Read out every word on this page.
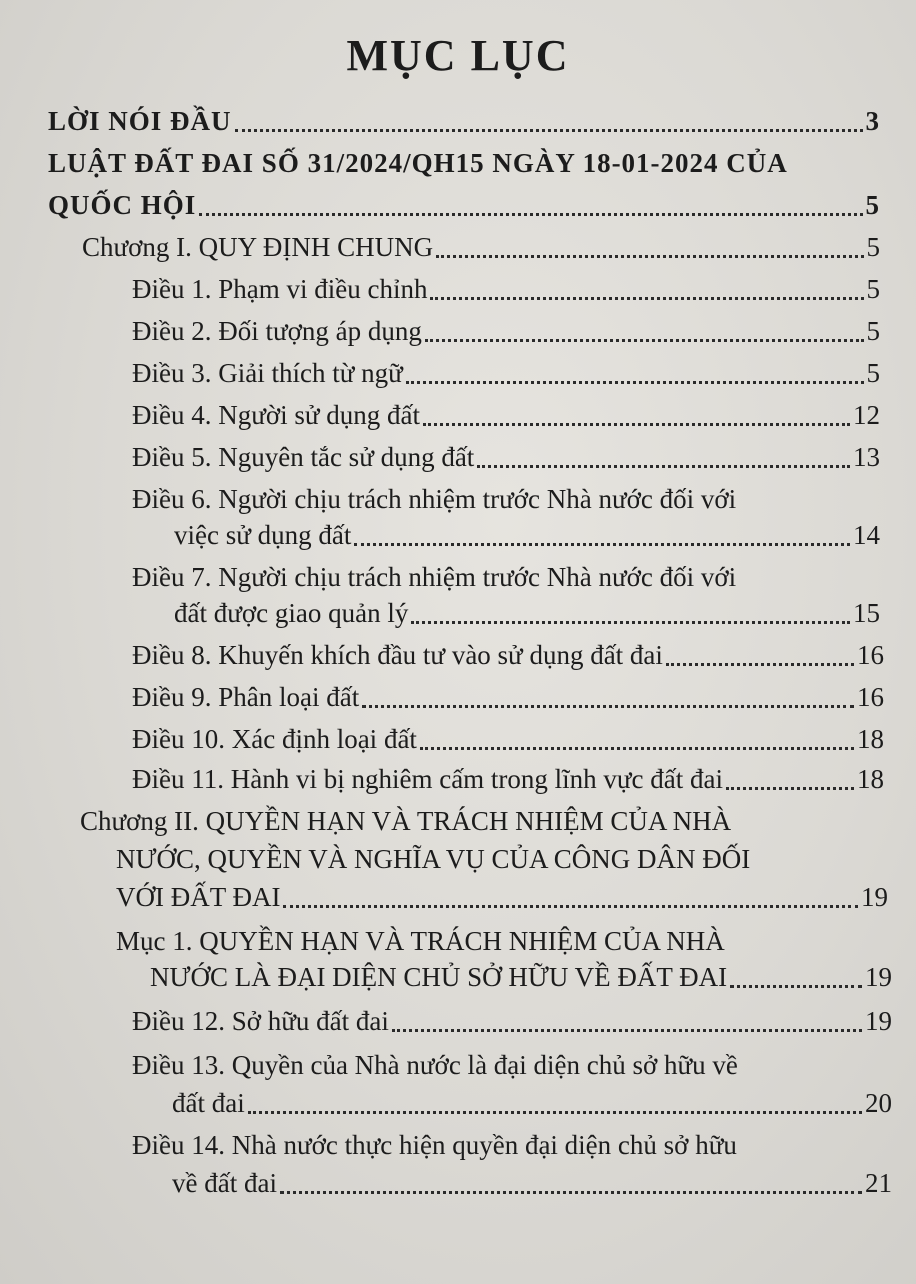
MỤC LỤC
LỜI NÓI ĐẦU	3
LUẬT ĐẤT ĐAI SỐ 31/2024/QH15 NGÀY 18-01-2024 CỦA
QUỐC HỘI	5
Chương I. QUY ĐỊNH CHUNG	5
Điều 1. Phạm vi điều chỉnh	5
Điều 2. Đối tượng áp dụng	5
Điều 3. Giải thích từ ngữ	5
Điều 4. Người sử dụng đất	12
Điều 5. Nguyên tắc sử dụng đất	13
Điều 6. Người chịu trách nhiệm trước Nhà nước đối với
việc sử dụng đất	14
Điều 7. Người chịu trách nhiệm trước Nhà nước đối với
đất được giao quản lý	15
Điều 8. Khuyến khích đầu tư vào sử dụng đất đai	16
Điều 9. Phân loại đất	16
Điều 10. Xác định loại đất	18
Điều 11. Hành vi bị nghiêm cấm trong lĩnh vực đất đai	18
Chương II. QUYỀN HẠN VÀ TRÁCH NHIỆM CỦA NHÀ
NƯỚC, QUYỀN VÀ NGHĨA VỤ CỦA CÔNG DÂN ĐỐI
VỚI ĐẤT ĐAI	19
Mục 1. QUYỀN HẠN VÀ TRÁCH NHIỆM CỦA NHÀ
NƯỚC LÀ ĐẠI DIỆN CHỦ SỞ HỮU VỀ ĐẤT ĐAI	19
Điều 12. Sở hữu đất đai	19
Điều 13. Quyền của Nhà nước là đại diện chủ sở hữu về
đất đai	20
Điều 14. Nhà nước thực hiện quyền đại diện chủ sở hữu
về đất đai	21
